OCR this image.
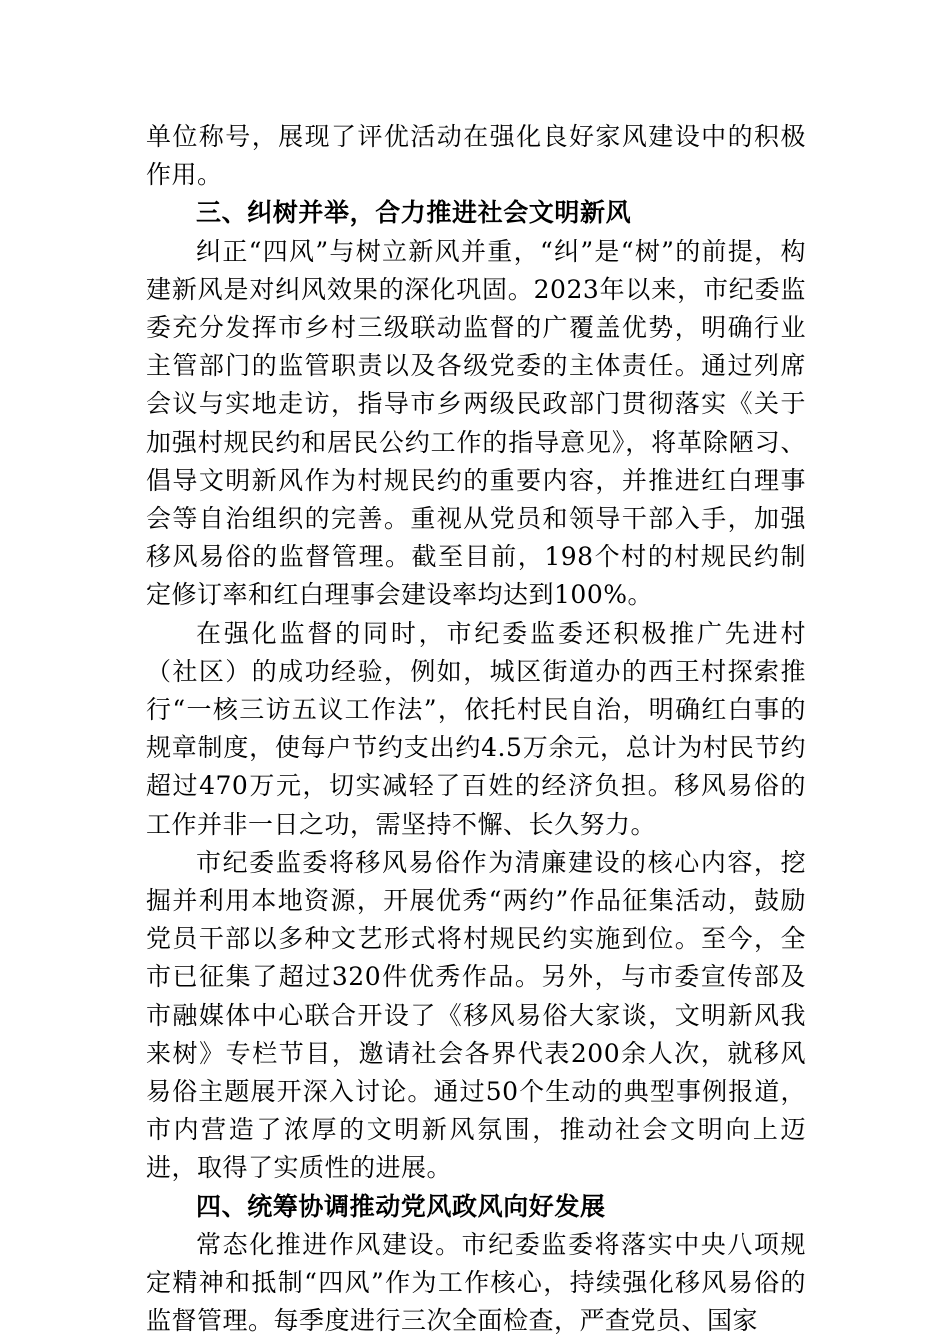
单位称号，展现了评优活动在强化良好家风建设中的积极作用。

三、纠树并举，合力推进社会文明新风

纠正“四风”与树立新风并重，“纠”是“树”的前提，构建新风是对纠风效果的深化巩固。2023年以来，市纪委监委充分发挥市乡村三级联动监督的广覆盖优势，明确行业主管部门的监管职责以及各级党委的主体责任。通过列席会议与实地走访，指导市乡两级民政部门贯彻落实《关于加强村规民约和居民公约工作的指导意见》，将革除陋习、倡导文明新风作为村规民约的重要内容，并推进红白理事会等自治组织的完善。重视从党员和领导干部入手，加强移风易俗的监督管理。截至目前，198个村的村规民约制定修订率和红白理事会建设率均达到100%。

在强化监督的同时，市纪委监委还积极推广先进村（社区）的成功经验，例如，城区街道办的西王村探索推行“一核三访五议工作法”，依托村民自治，明确红白事的规章制度，使每户节约支出约4.5万余元，总计为村民节约超过470万元，切实减轻了百姓的经济负担。移风易俗的工作并非一日之功，需坚持不懈、长久努力。

市纪委监委将移风易俗作为清廉建设的核心内容，挖掘并利用本地资源，开展优秀“两约”作品征集活动，鼓励党员干部以多种文艺形式将村规民约实施到位。至今，全市已征集了超过320件优秀作品。另外，与市委宣传部及市融媒体中心联合开设了《移风易俗大家谈，文明新风我来树》专栏节目，邀请社会各界代表200余人次，就移风易俗主题展开深入讨论。通过50个生动的典型事例报道，市内营造了浓厚的文明新风氛围，推动社会文明向上迈进，取得了实质性的进展。

四、统筹协调推动党风政风向好发展

常态化推进作风建设。市纪委监委将落实中央八项规定精神和抵制“四风”作为工作核心，持续强化移风易俗的监督管理。每季度进行三次全面检查，严查党员、国家
